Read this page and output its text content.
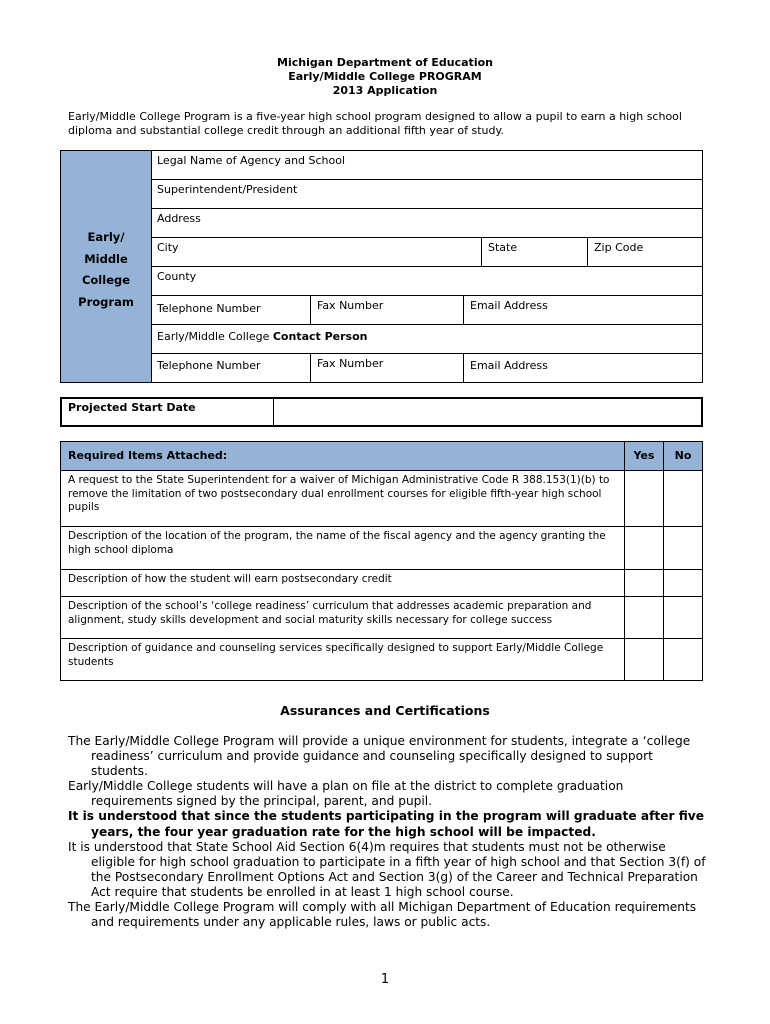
Michigan Department of Education
Early/Middle College PROGRAM
2013 Application
Early/Middle College Program is a five-year high school program designed to allow a pupil to earn a high school diploma and substantial college credit through an additional fifth year of study.
Early/
Middle
College
Program
Legal Name of Agency and School
Superintendent/President
Address
City	State	Zip Code
County
Telephone Number	Fax Number	Email Address
Early/Middle College Contact Person
Telephone Number	Fax Number	Email Address
Projected Start Date
Required Items Attached:	Yes	No
A request to the State Superintendent for a waiver of Michigan Administrative Code R 388.153(1)(b) to remove the limitation of two postsecondary dual enrollment courses for eligible fifth-year high school pupils
Description of the location of the program, the name of the fiscal agency and the agency granting the high school diploma
Description of how the student will earn postsecondary credit
Description of the school’s ‘college readiness’ curriculum that addresses academic preparation and alignment, study skills development and social maturity skills necessary for college success
Description of guidance and counseling services specifically designed to support Early/Middle College students
Assurances and Certifications

The Early/Middle College Program will provide a unique environment for students, integrate a ‘college readiness’ curriculum and provide guidance and counseling specifically designed to support students.

Early/Middle College students will have a plan on file at the district to complete graduation requirements signed by the principal, parent, and pupil.

It is understood that since the students participating in the program will graduate after five years, the four year graduation rate for the high school will be impacted.

It is understood that State School Aid Section 6(4)m requires that students must not be otherwise eligible for high school graduation to participate in a fifth year of high school and that Section 3(f) of the Postsecondary Enrollment Options Act and Section 3(g) of the Career and Technical Preparation Act require that students be enrolled in at least 1 high school course.

The Early/Middle College Program will comply with all Michigan Department of Education requirements and requirements under any applicable rules, laws or public acts.

1
